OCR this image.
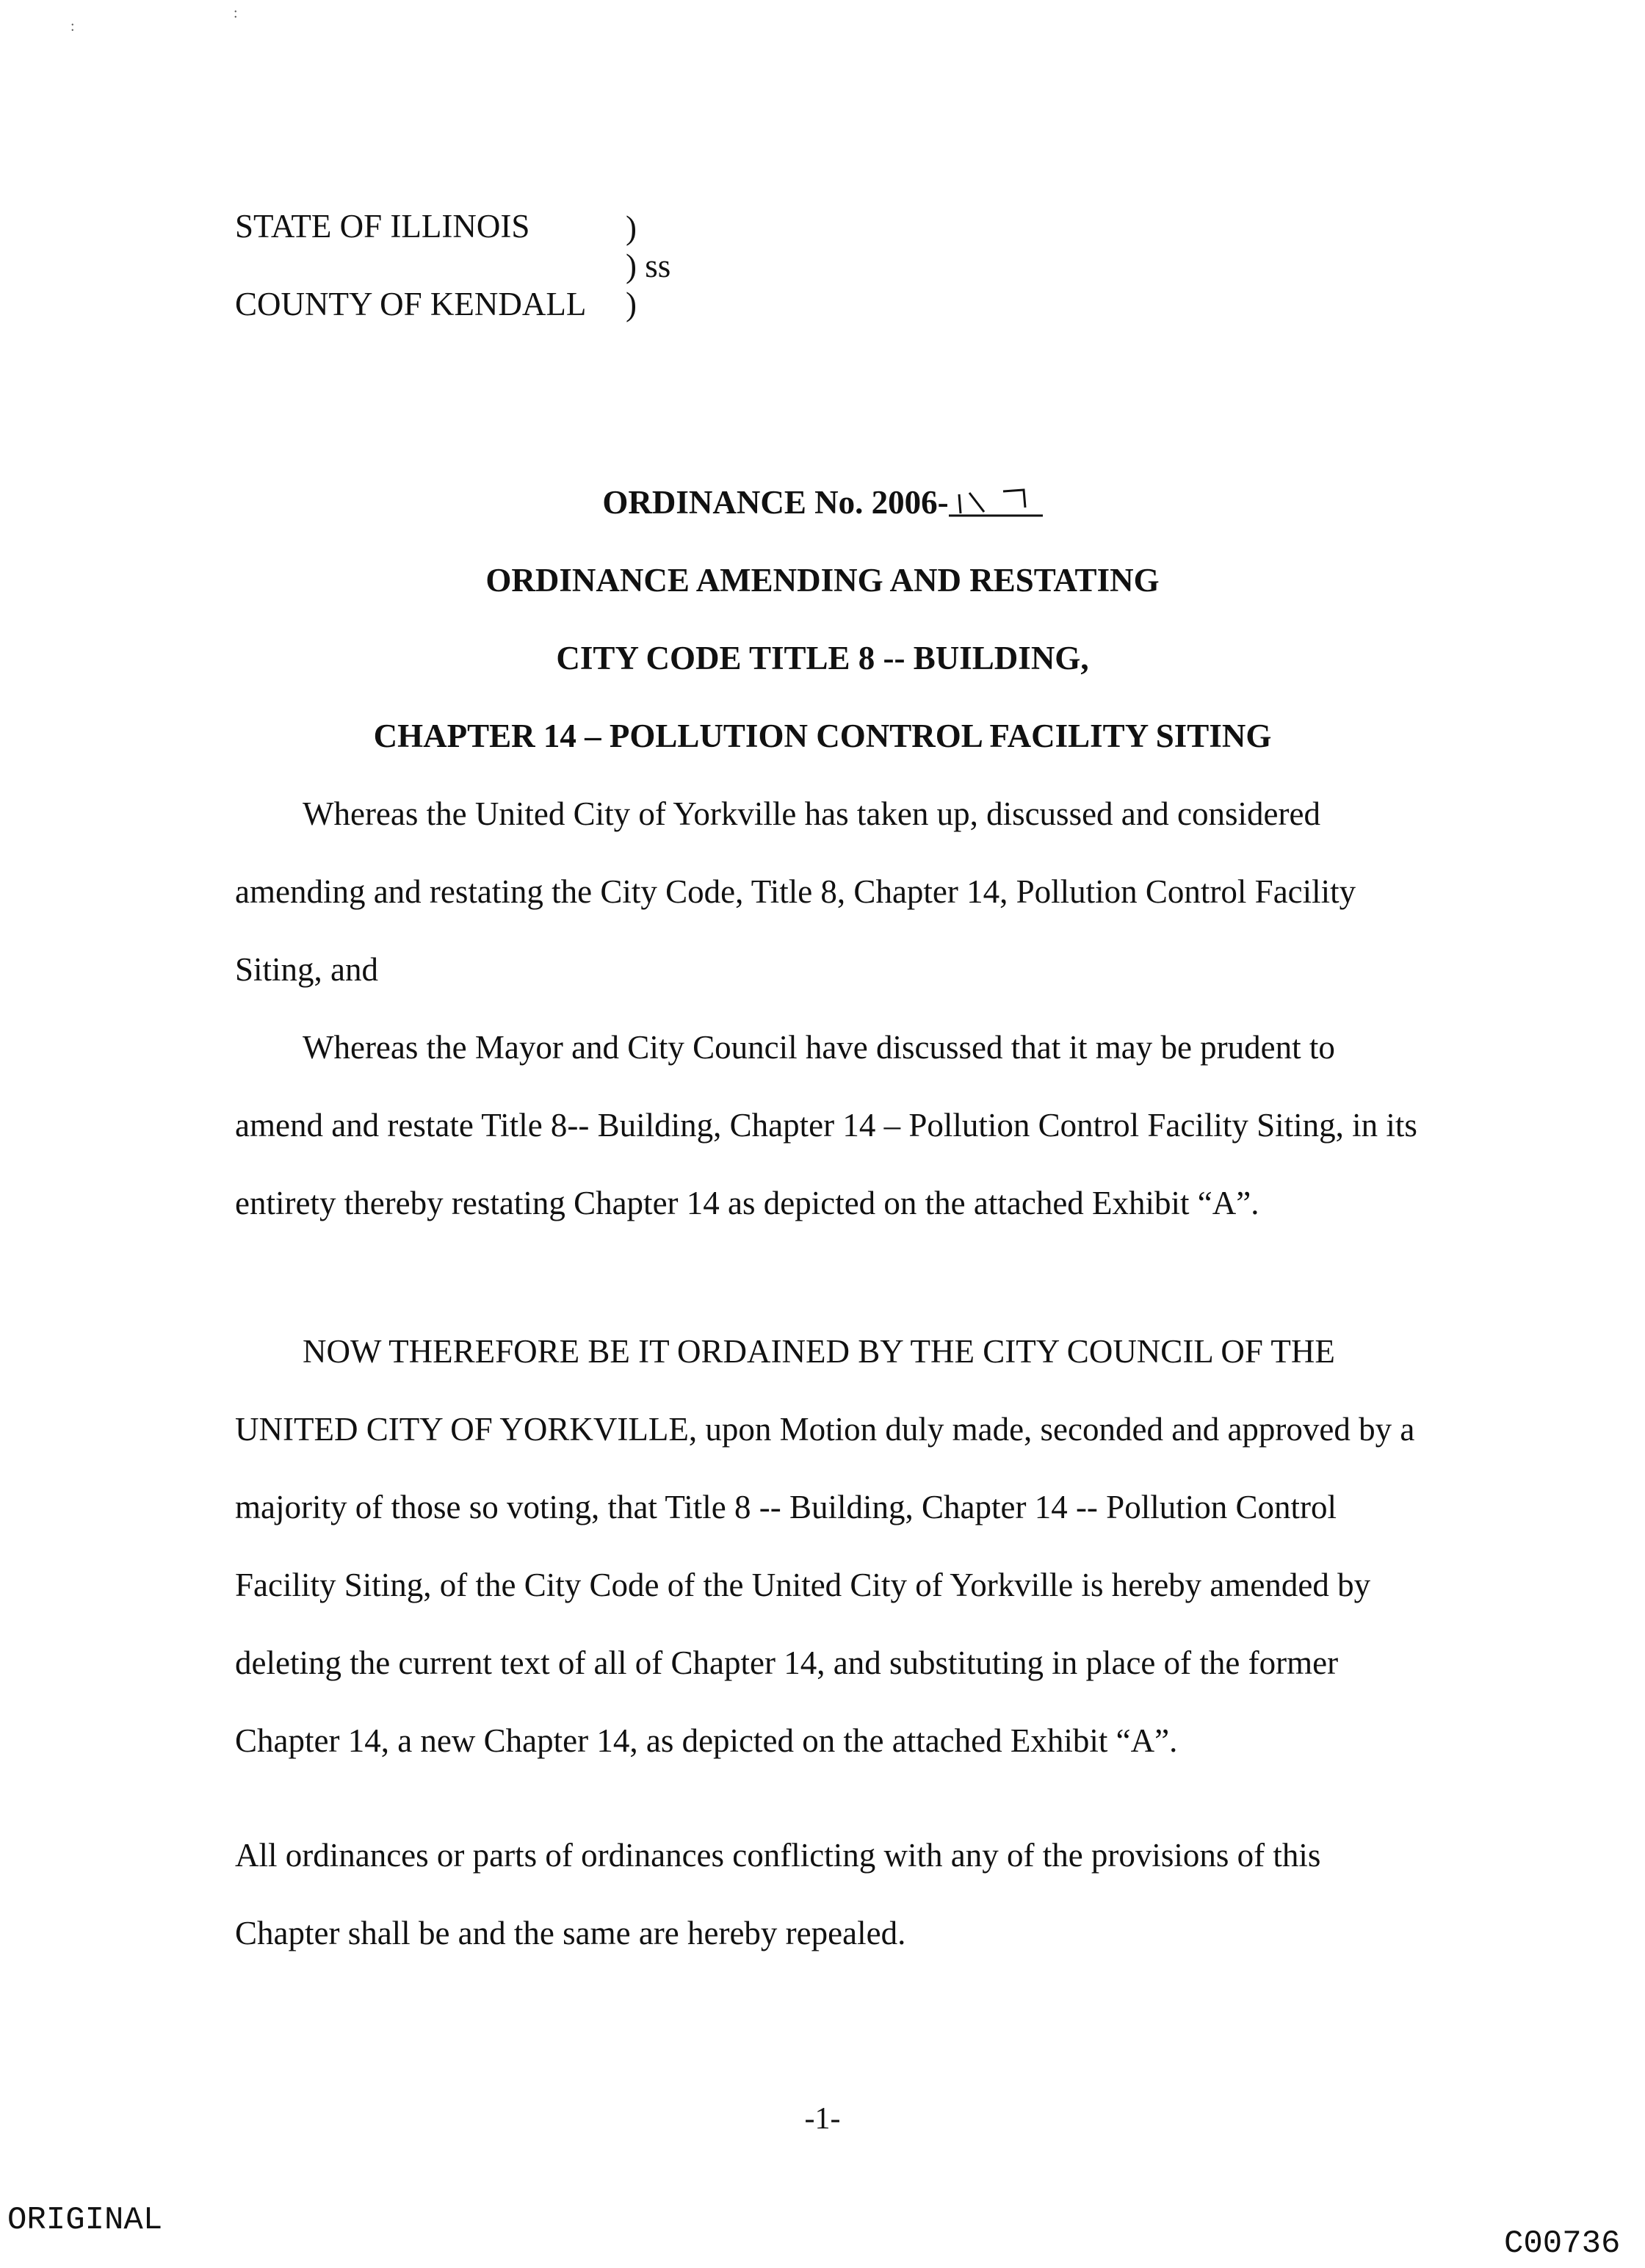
:
:
STATE OF ILLINOIS	)
) ss
COUNTY OF KENDALL )
ORDINANCE No. 2006-
ORDINANCE AMENDING AND RESTATING
CITY CODE TITLE 8 -- BUILDING,
CHAPTER 14 – POLLUTION CONTROL FACILITY SITING
Whereas the United City of Yorkville has taken up, discussed and considered
amending and restating the City Code, Title 8, Chapter 14, Pollution Control Facility
Siting, and
Whereas the Mayor and City Council have discussed that it may be prudent to
amend and restate Title 8-- Building, Chapter 14 – Pollution Control Facility Siting, in its
entirety thereby restating Chapter 14 as depicted on the attached Exhibit “A”.
NOW THEREFORE BE IT ORDAINED BY THE CITY COUNCIL OF THE
UNITED CITY OF YORKVILLE, upon Motion duly made, seconded and approved by a
majority of those so voting, that Title 8 -- Building, Chapter 14 -- Pollution Control
Facility Siting, of the City Code of the United City of Yorkville is hereby amended by
deleting the current text of all of Chapter 14, and substituting in place of the former
Chapter 14, a new Chapter 14, as depicted on the attached Exhibit “A”.
All ordinances or parts of ordinances conflicting with any of the provisions of this
Chapter shall be and the same are hereby repealed.
-1-
ORIGINAL
C00736
